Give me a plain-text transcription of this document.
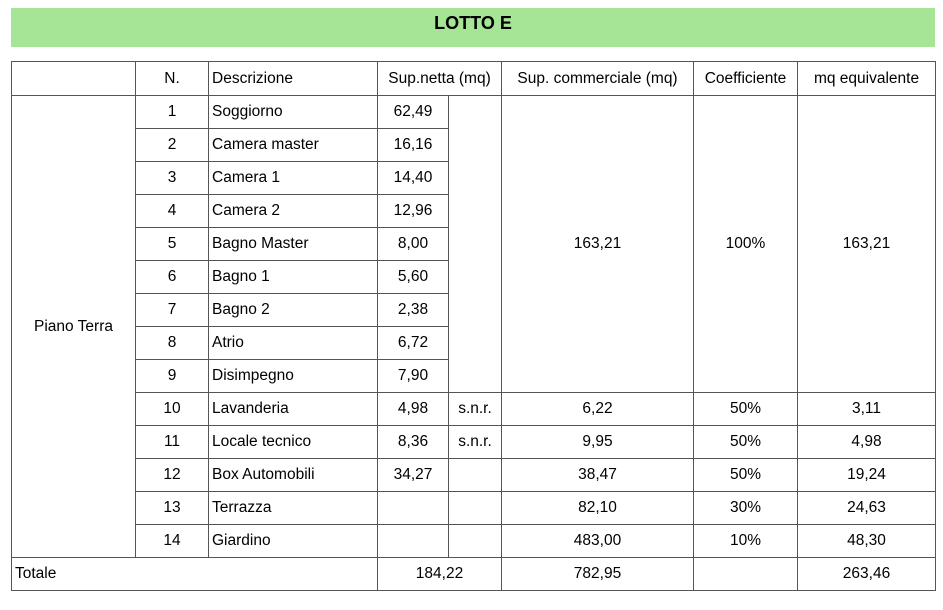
LOTTO E
	N.	Descrizione	Sup.netta (mq)		Sup. commerciale (mq)	Coefficiente	mq equivalente
Piano Terra	1	Soggiorno	62,49		163,21	100%	163,21
	2	Camera master	16,16				
	3	Camera 1	14,40				
	4	Camera 2	12,96				
	5	Bagno Master	8,00				
	6	Bagno 1	5,60				
	7	Bagno 2	2,38				
	8	Atrio	6,72				
	9	Disimpegno	7,90				
	10	Lavanderia	4,98	s.n.r.	6,22	50%	3,11
	11	Locale tecnico	8,36	s.n.r.	9,95	50%	4,98
	12	Box Automobili	34,27		38,47	50%	19,24
	13	Terrazza			82,10	30%	24,63
	14	Giardino			483,00	10%	48,30
Totale			184,22		782,95		263,46
